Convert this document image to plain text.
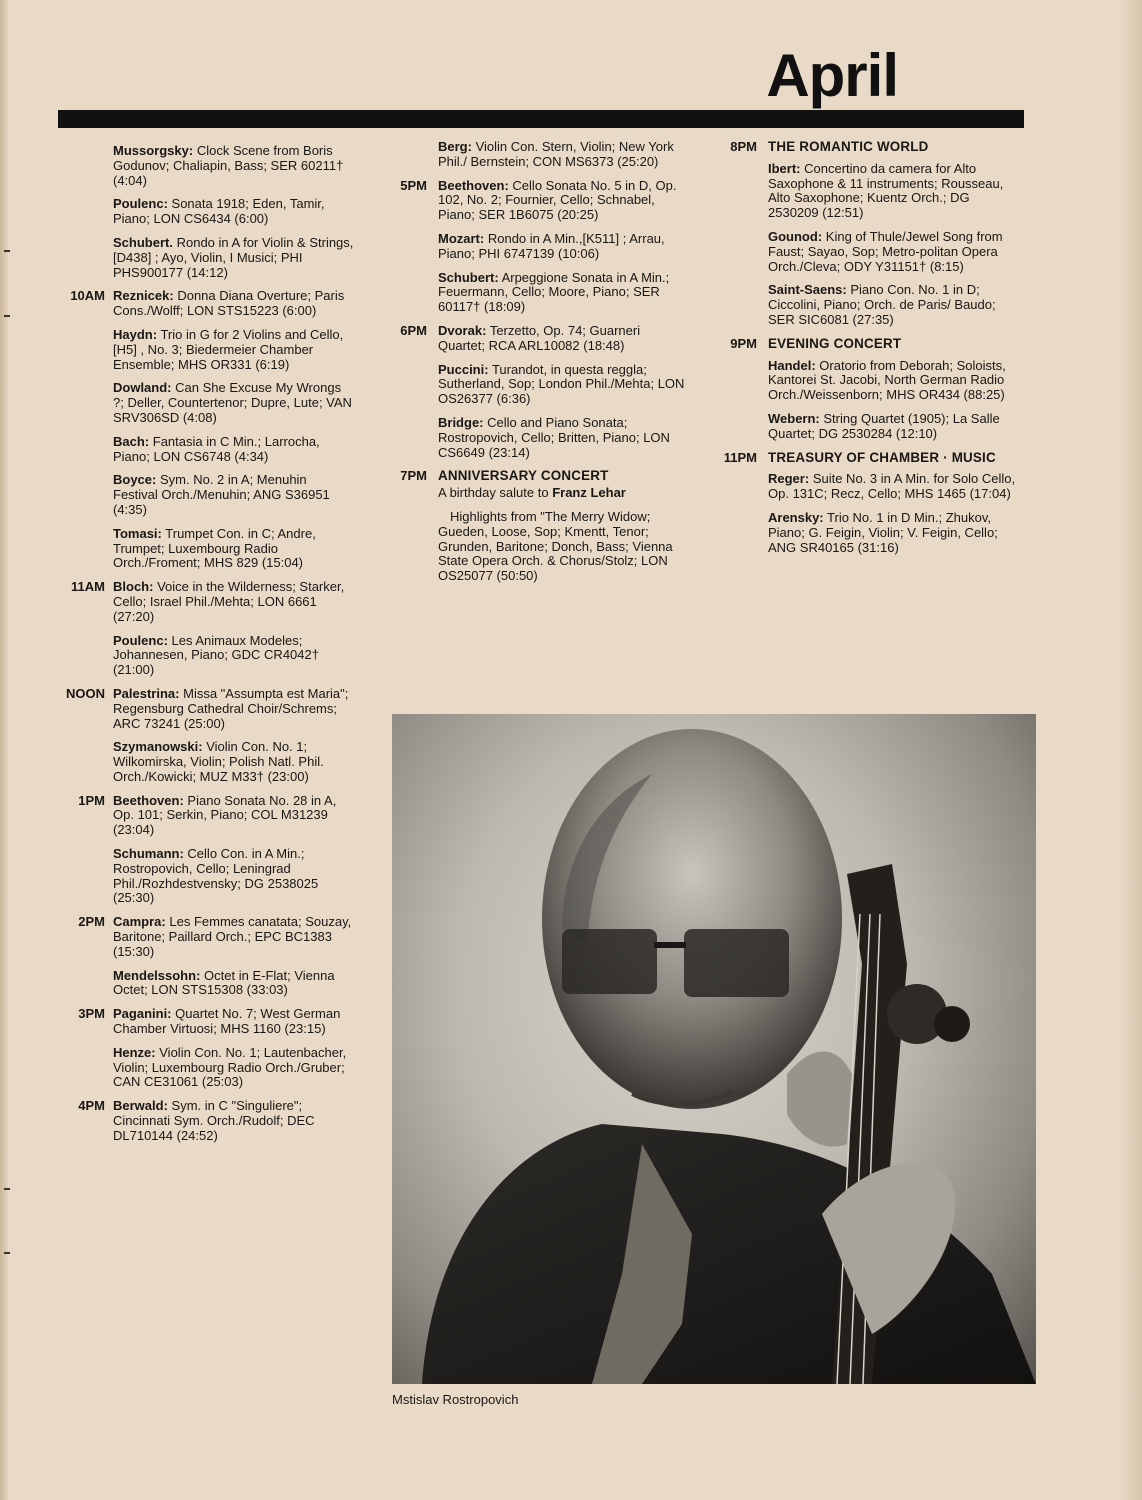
April
Mussorgsky: Clock Scene from Boris Godunov; Chaliapin, Bass; SER 60211† (4:04)
Poulenc: Sonata 1918; Eden, Tamir, Piano; LON CS6434 (6:00)
Schubert. Rondo in A for Violin & Strings, [D438] ; Ayo, Violin, I Musici; PHI PHS900177 (14:12)
10AM Reznicek: Donna Diana Overture; Paris Cons./Wolff; LON STS15223 (6:00)
Haydn: Trio in G for 2 Violins and Cello, [H5] , No. 3; Biedermeier Chamber Ensemble; MHS OR331 (6:19)
Dowland: Can She Excuse My Wrongs ?; Deller, Countertenor; Dupre, Lute; VAN SRV306SD (4:08)
Bach: Fantasia in C Min.; Larrocha, Piano; LON CS6748 (4:34)
Boyce: Sym. No. 2 in A; Menuhin Festival Orch./Menuhin; ANG S36951 (4:35)
Tomasi: Trumpet Con. in C; Andre, Trumpet; Luxembourg Radio Orch./Froment; MHS 829 (15:04)
11AM Bloch: Voice in the Wilderness; Starker, Cello; Israel Phil./Mehta; LON 6661 (27:20)
Poulenc: Les Animaux Modeles; Johannesen, Piano; GDC CR4042† (21:00)
NOON Palestrina: Missa "Assumpta est Maria"; Regensburg Cathedral Choir/Schrems; ARC 73241 (25:00)
Szymanowski: Violin Con. No. 1; Wilkomirska, Violin; Polish Natl. Phil. Orch./Kowicki; MUZ M33† (23:00)
1PM Beethoven: Piano Sonata No. 28 in A, Op. 101; Serkin, Piano; COL M31239 (23:04)
Schumann: Cello Con. in A Min.; Rostropovich, Cello; Leningrad Phil./Rozhdestvensky; DG 2538025 (25:30)
2PM Campra: Les Femmes canatata; Souzay, Baritone; Paillard Orch.; EPC BC1383 (15:30)
Mendelssohn: Octet in E-Flat; Vienna Octet; LON STS15308 (33:03)
3PM Paganini: Quartet No. 7; West German Chamber Virtuosi; MHS 1160 (23:15)
Henze: Violin Con. No. 1; Lautenbacher, Violin; Luxembourg Radio Orch./Gruber; CAN CE31061 (25:03)
4PM Berwald: Sym. in C "Singuliere"; Cincinnati Sym. Orch./Rudolf; DEC DL710144 (24:52)
Berg: Violin Con. Stern, Violin; New York Phil./ Bernstein; CON MS6373 (25:20)
5PM Beethoven: Cello Sonata No. 5 in D, Op. 102, No. 2; Fournier, Cello; Schnabel, Piano; SER 1B6075 (20:25)
Mozart: Rondo in A Min.,[K511] ; Arrau, Piano; PHI 6747139 (10:06)
Schubert: Arpeggione Sonata in A Min.; Feuermann, Cello; Moore, Piano; SER 60117† (18:09)
6PM Dvorak: Terzetto, Op. 74; Guarneri Quartet; RCA ARL10082 (18:48)
Puccini: Turandot, in questa reggla; Sutherland, Sop; London Phil./Mehta; LON OS26377 (6:36)
Bridge: Cello and Piano Sonata; Rostropovich, Cello; Britten, Piano; LON CS6649 (23:14)
7PM ANNIVERSARY CONCERT
A birthday salute to Franz Lehar
Highlights from "The Merry Widow; Gueden, Loose, Sop; Kmentt, Tenor; Grunden, Baritone; Donch, Bass; Vienna State Opera Orch. & Chorus/Stolz; LON OS25077 (50:50)
8PM THE ROMANTIC WORLD
Ibert: Concertino da camera for Alto Saxophone & 11 instruments; Rousseau, Alto Saxophone; Kuentz Orch.; DG 2530209 (12:51)
Gounod: King of Thule/Jewel Song from Faust; Sayao, Sop; Metro-politan Opera Orch./Cleva; ODY Y31151† (8:15)
Saint-Saens: Piano Con. No. 1 in D; Ciccolini, Piano; Orch. de Paris/ Baudo; SER SIC6081 (27:35)
9PM EVENING CONCERT
Handel: Oratorio from Deborah; Soloists, Kantorei St. Jacobi, North German Radio Orch./Weissenborn; MHS OR434 (88:25)
Webern: String Quartet (1905); La Salle Quartet; DG 2530284 (12:10)
11PM TREASURY OF CHAMBER · MUSIC
Reger: Suite No. 3 in A Min. for Solo Cello, Op. 131C; Recz, Cello; MHS 1465 (17:04)
Arensky: Trio No. 1 in D Min.; Zhukov, Piano; G. Feigin, Violin; V. Feigin, Cello; ANG SR40165 (31:16)
Mstislav Rostropovich
